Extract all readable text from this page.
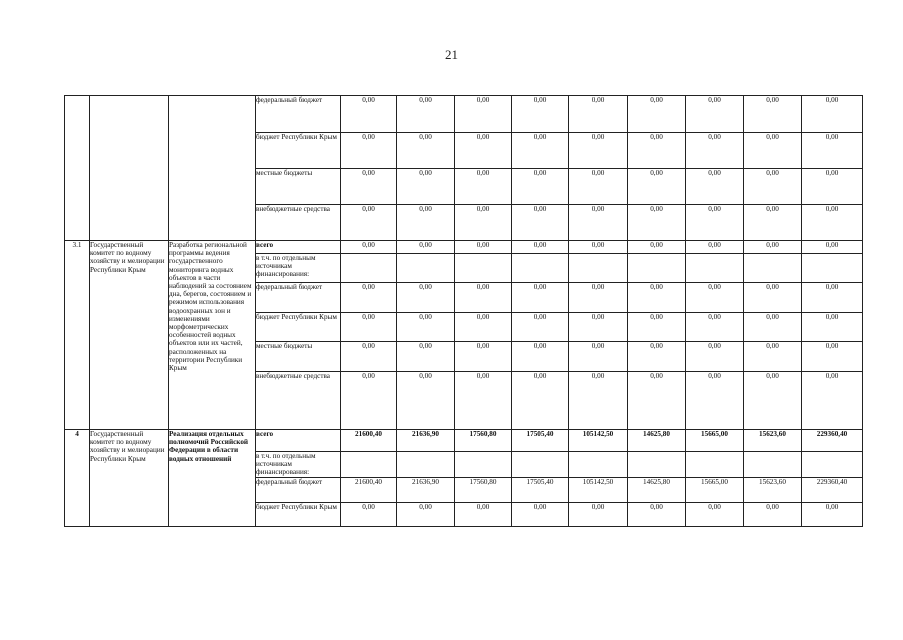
21
			федеральный бюджет	0,00	0,00	0,00	0,00	0,00	0,00	0,00	0,00	0,00
			бюджет Республики Крым	0,00	0,00	0,00	0,00	0,00	0,00	0,00	0,00	0,00
			местные бюджеты	0,00	0,00	0,00	0,00	0,00	0,00	0,00	0,00	0,00
			внебюджетные средства	0,00	0,00	0,00	0,00	0,00	0,00	0,00	0,00	0,00
3.1	Государственный комитет по водному хозяйству и мелиорации Республики Крым	Разработка региональной программы ведения государственного мониторинга водных объектов в части наблюдений за состоянием дна, берегов, состоянием и режимом использования водоохранных зон и изменениями морфометрических особенностей водных объектов или их частей, расположенных на территории Республики Крым	всего	0,00	0,00	0,00	0,00	0,00	0,00	0,00	0,00	0,00
			в т.ч. по отдельным источникам финансирования:									
			федеральный бюджет	0,00	0,00	0,00	0,00	0,00	0,00	0,00	0,00	0,00
			бюджет Республики Крым	0,00	0,00	0,00	0,00	0,00	0,00	0,00	0,00	0,00
			местные бюджеты	0,00	0,00	0,00	0,00	0,00	0,00	0,00	0,00	0,00
			внебюджетные средства	0,00	0,00	0,00	0,00	0,00	0,00	0,00	0,00	0,00
4	Государственный комитет по водному хозяйству и мелиорации Республики Крым	Реализация отдельных полномочий Российской Федерации в области водных отношений	всего	21600,40	21636,90	17560,80	17505,40	105142,50	14625,80	15665,00	15623,60	229360,40
			в т.ч. по отдельным источникам финансирования:									
			федеральный бюджет	21600,40	21636,90	17560,80	17505,40	105142,50	14625,80	15665,00	15623,60	229360,40
			бюджет Республики Крым	0,00	0,00	0,00	0,00	0,00	0,00	0,00	0,00	0,00
